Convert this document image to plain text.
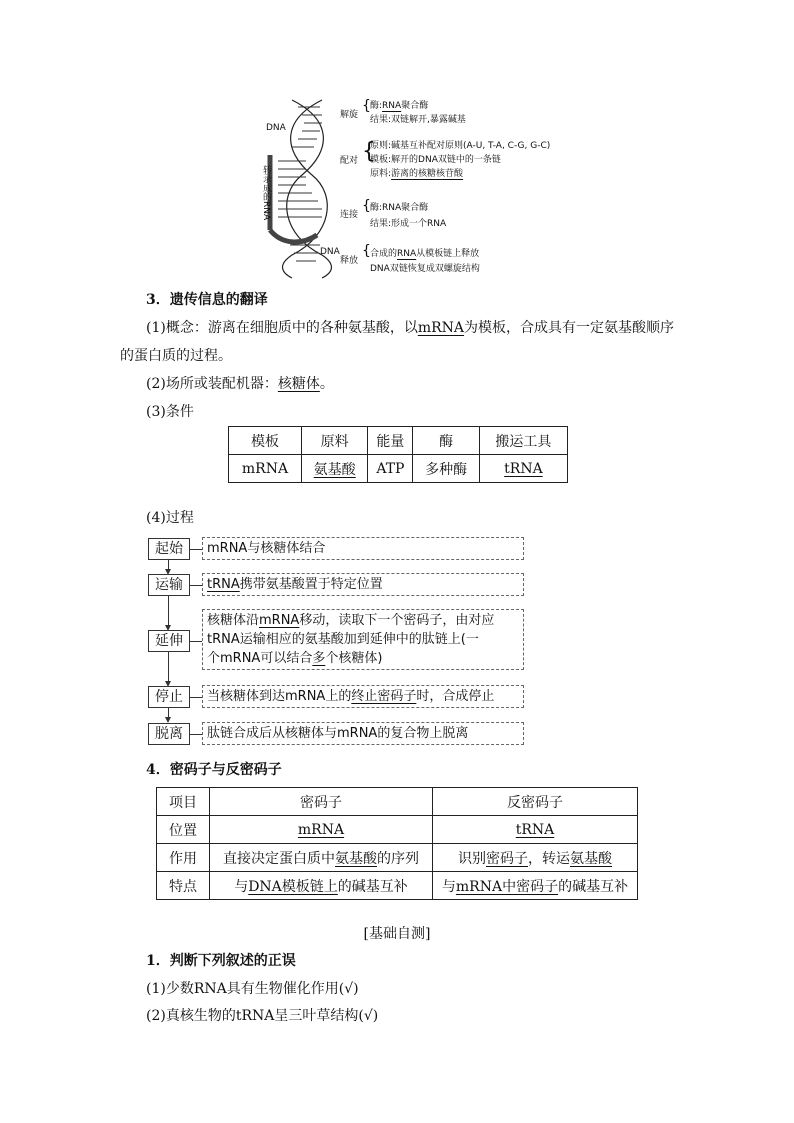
DNA
DNA
转录成的RNA
解旋
{ 酶:RNA聚合酶
结果:双链解开,暴露碱基
配对 {
原则:碱基互补配对原则(A-U, T-A, C-G, G-C)
模板:解开的DNA双链中的一条链
原料:游离的核糖核苷酸
连接
{ 酶:RNA聚合酶
结果:形成一个RNA
释放
{ 合成的RNA从模板链上释放
DNA双链恢复成双螺旋结构
3．遗传信息的翻译
(1)概念：游离在细胞质中的各种氨基酸，以mRNA为模板，合成具有一定氨基酸顺序
的蛋白质的过程。
(2)场所或装配机器：核糖体。
(3)条件
模板	原料	能量	酶	搬运工具
mRNA	氨基酸	ATP	多种酶	tRNA
(4)过程
起始	mRNA与核糖体结合
运输	tRNA携带氨基酸置于特定位置
延伸
核糖体沿mRNA移动，读取下一个密码子，由对应
tRNA运输相应的氨基酸加到延伸中的肽链上(一
个mRNA可以结合多个核糖体)
停止	当核糖体到达mRNA上的终止密码子时，合成停止
脱离	肽链合成后从核糖体与mRNA的复合物上脱离
4．密码子与反密码子
项目	密码子	反密码子
位置	mRNA	tRNA
作用	直接决定蛋白质中氨基酸的序列	识别密码子，转运氨基酸
特点	与DNA模板链上的碱基互补	与mRNA中密码子的碱基互补
[基础自测]
1．判断下列叙述的正误
(1)少数RNA具有生物催化作用(√)
(2)真核生物的tRNA呈三叶草结构(√)
